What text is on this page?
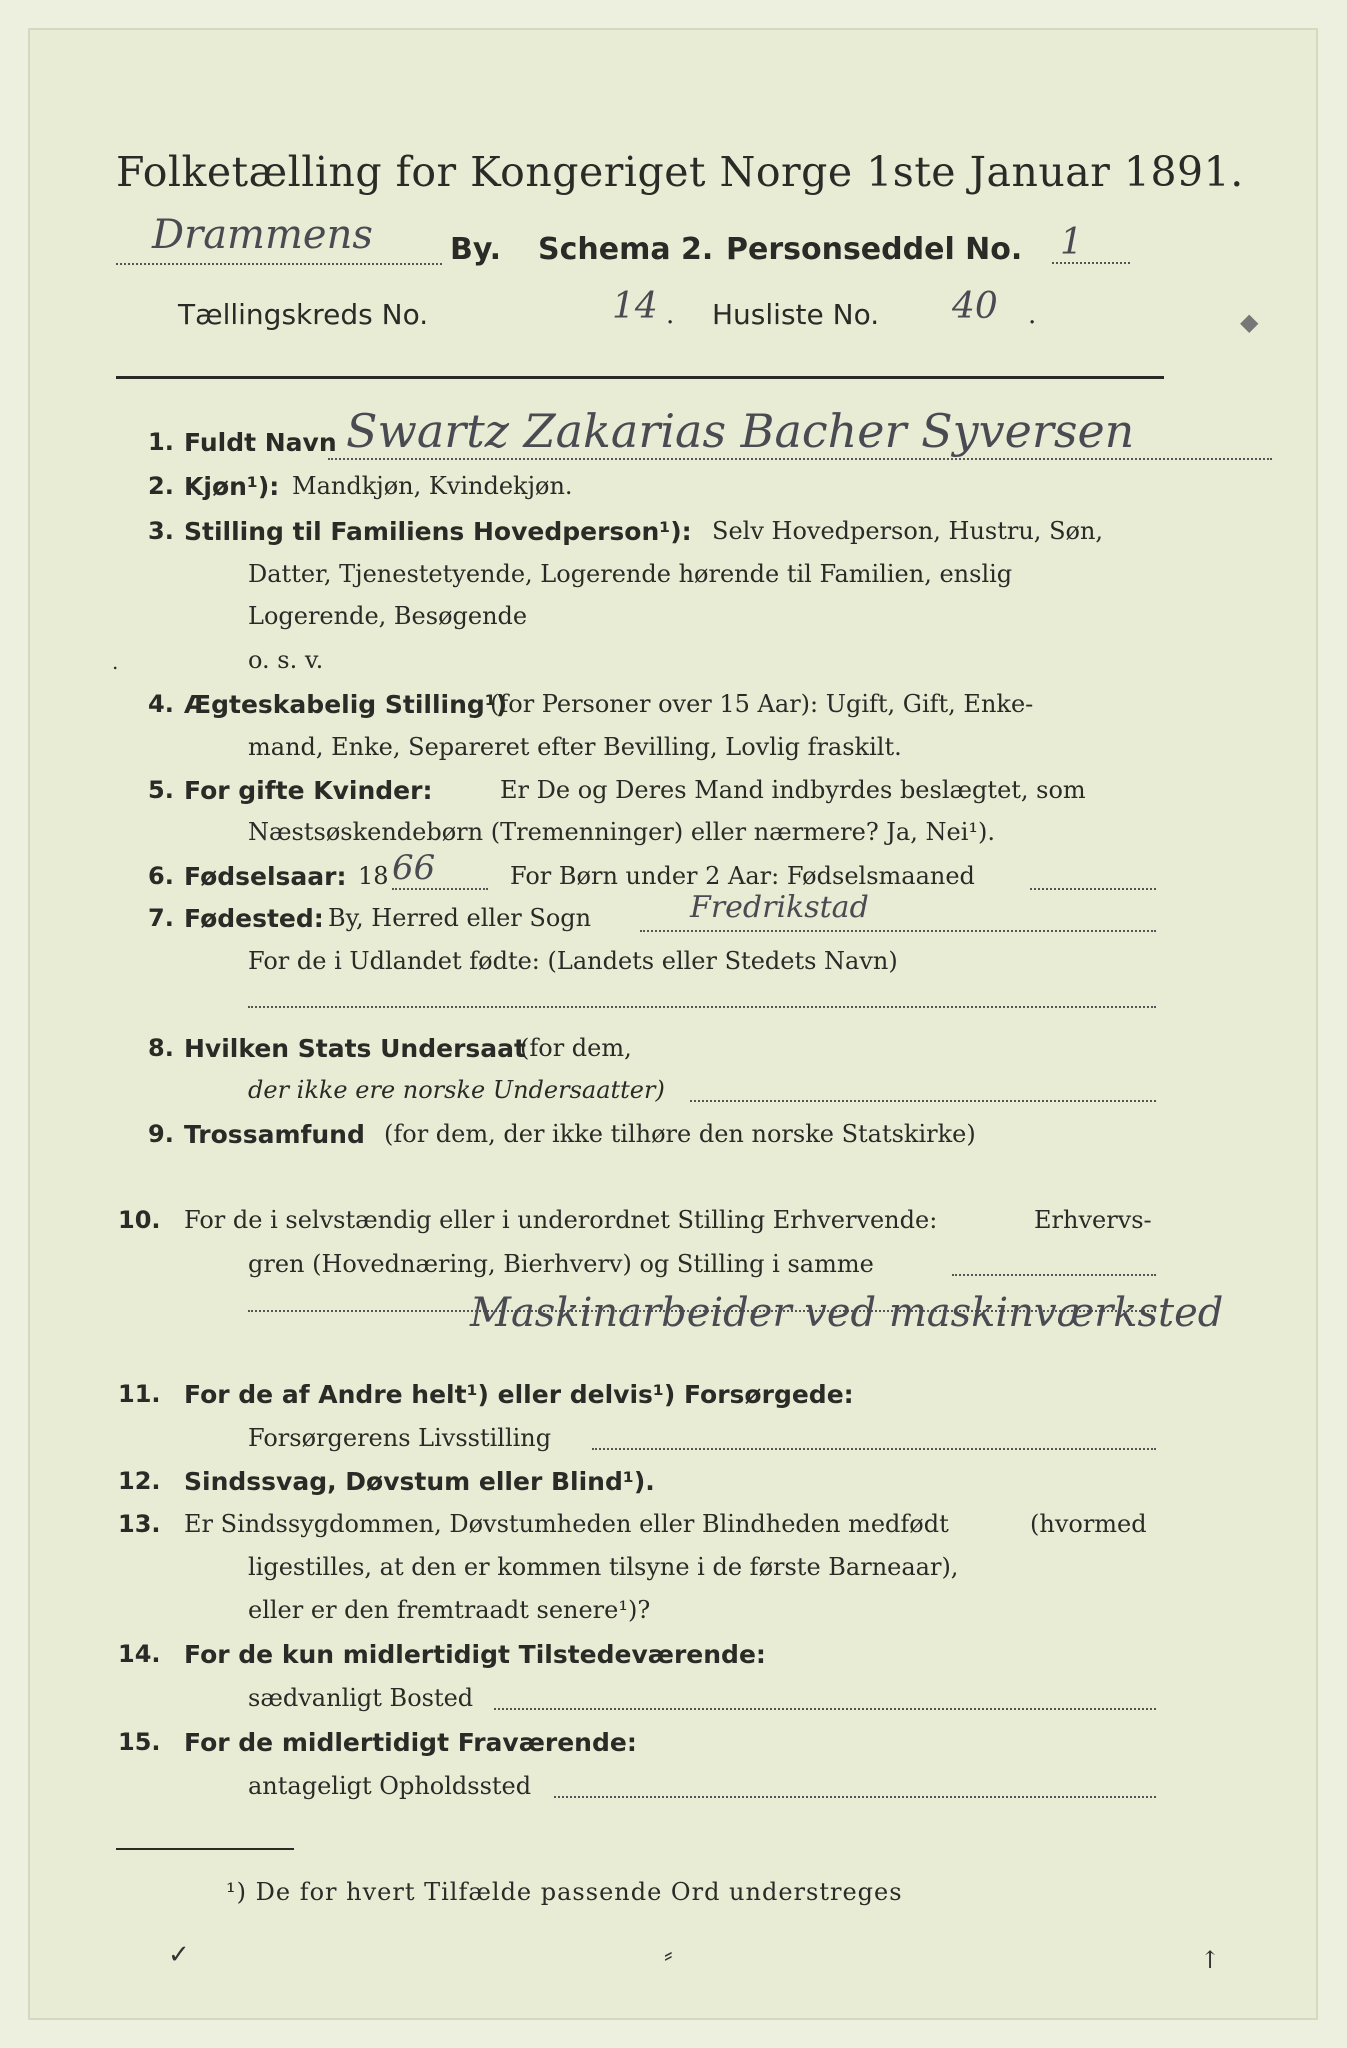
Folketælling for Kongeriget Norge 1ste Januar 1891.
Drammens	By. Schema 2. Personseddel No. 1
Tællingskreds No.	14 . Husliste No. 40 .	◆
1. Fuldt Navn Swartz Zakarias Bacher Syversen
2. Kjøn¹): Mandkjøn, Kvindekjøn.
3. Stilling til Familiens Hovedperson¹): Selv Hovedperson, Hustru, Søn,
Datter, Tjenestetyende, Logerende hørende til Familien, enslig
Logerende, Besøgende
o. s. v.
.
4. Ægteskabelig Stilling¹)
(for Personer over 15 Aar): Ugift, Gift, Enke-
mand, Enke, Separeret efter Bevilling, Lovlig fraskilt.
5. For gifte Kvinder:	Er De og Deres Mand indbyrdes beslægtet, som
Næstsøskendebørn (Tremenninger) eller nærmere? Ja, Nei¹).
6. Fødselsaar: 18 66	For Børn under 2 Aar: Fødselsmaaned
7. Fødested: By, Herred eller Sogn	Fredrikstad
For de i Udlandet fødte: (Landets eller Stedets Navn)
8. Hvilken Stats Undersaat
(for dem,
der ikke ere norske Undersaatter)
9. Trossamfund (for dem, der ikke tilhøre den norske Statskirke)
10. For de i selvstændig eller i underordnet Stilling Erhvervende:	Erhvervs-
gren (Hovednæring, Bierhverv) og Stilling i samme
Maskinarbeider ved maskinværksted
11. For de af Andre helt¹) eller delvis¹) Forsørgede:
Forsørgerens Livsstilling
12. Sindssvag, Døvstum eller Blind¹).
13. Er Sindssygdommen, Døvstumheden eller Blindheden medfødt	(hvormed
ligestilles, at den er kommen tilsyne i de første Barneaar),
eller er den fremtraadt senere¹)?
14. For de kun midlertidigt Tilstedeværende:
sædvanligt Bosted
15. For de midlertidigt Fraværende:
antageligt Opholdssted
¹) De for hvert Tilfælde passende Ord understreges
✓	⸗	↑
